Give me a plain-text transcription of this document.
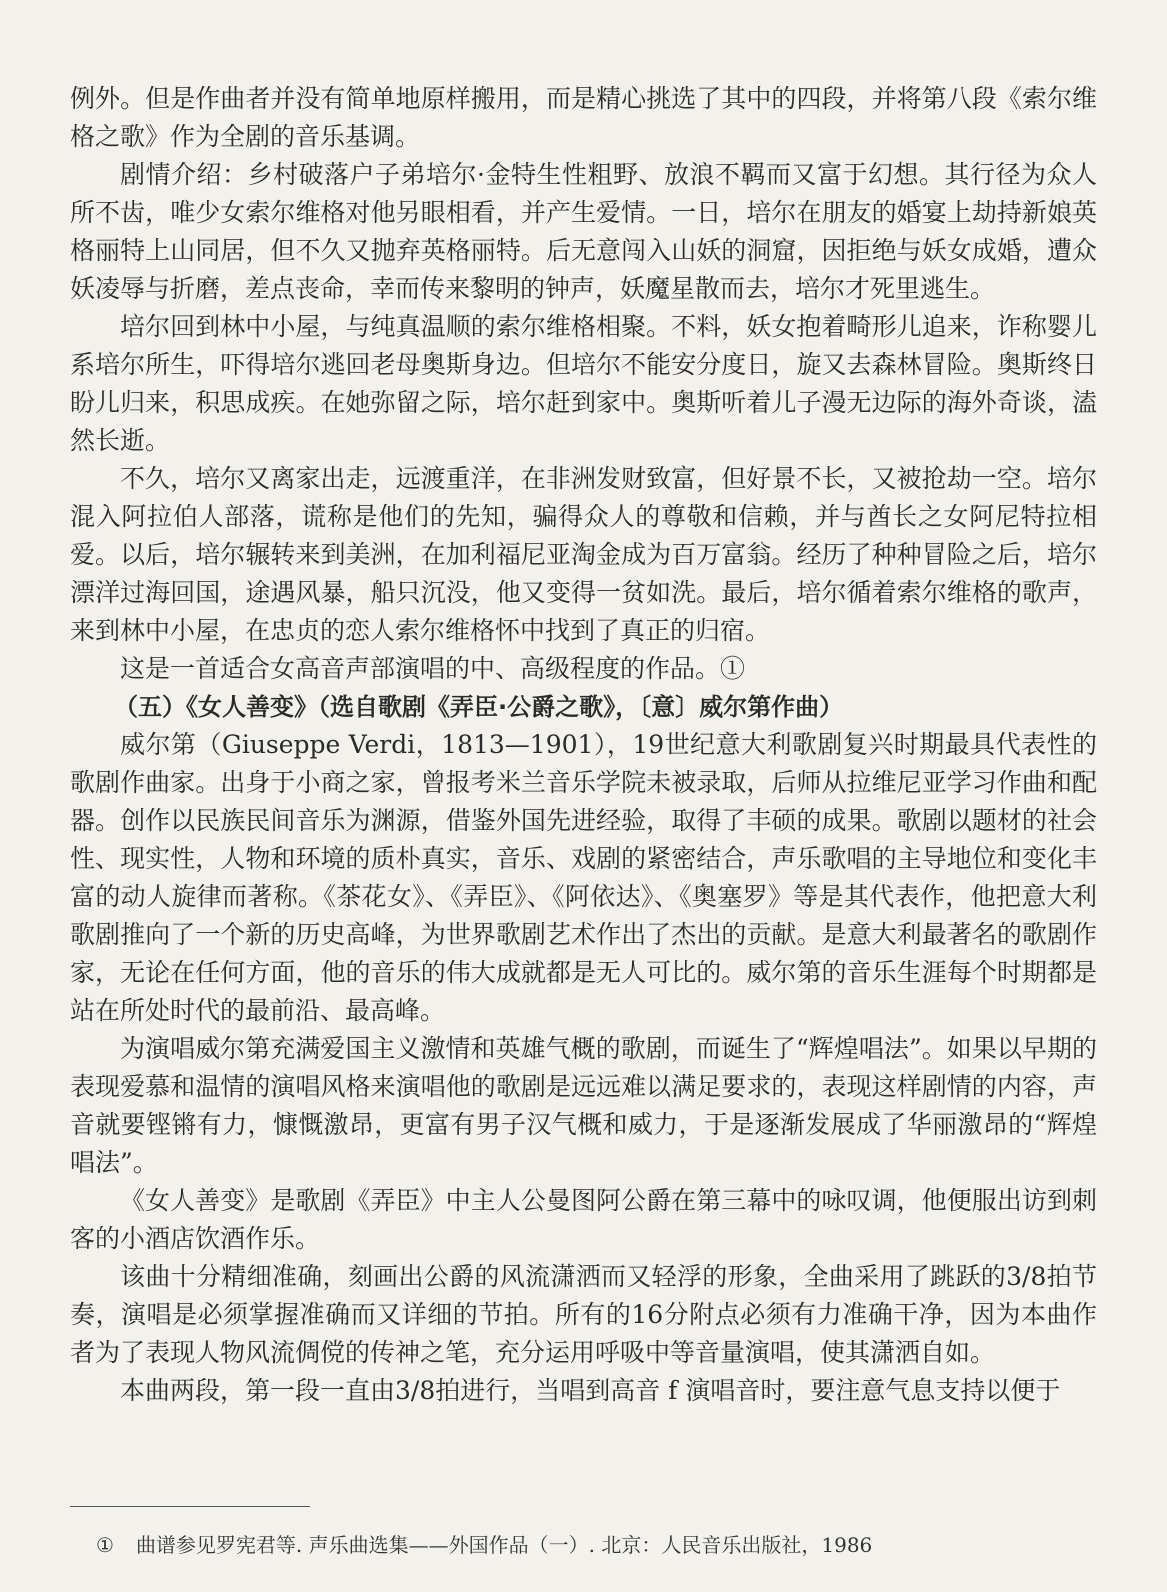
例外。但是作曲者并没有简单地原样搬用，而是精心挑选了其中的四段，并将第八段《索尔维格之歌》作为全剧的音乐基调。

剧情介绍：乡村破落户子弟培尔·金特生性粗野、放浪不羁而又富于幻想。其行径为众人所不齿，唯少女索尔维格对他另眼相看，并产生爱情。一日，培尔在朋友的婚宴上劫持新娘英格丽特上山同居，但不久又抛弃英格丽特。后无意闯入山妖的洞窟，因拒绝与妖女成婚，遭众妖凌辱与折磨，差点丧命，幸而传来黎明的钟声，妖魔星散而去，培尔才死里逃生。

培尔回到林中小屋，与纯真温顺的索尔维格相聚。不料，妖女抱着畸形儿追来，诈称婴儿系培尔所生，吓得培尔逃回老母奥斯身边。但培尔不能安分度日，旋又去森林冒险。奥斯终日盼儿归来，积思成疾。在她弥留之际，培尔赶到家中。奥斯听着儿子漫无边际的海外奇谈，溘然长逝。

不久，培尔又离家出走，远渡重洋，在非洲发财致富，但好景不长，又被抢劫一空。培尔混入阿拉伯人部落，谎称是他们的先知，骗得众人的尊敬和信赖，并与酋长之女阿尼特拉相爱。以后，培尔辗转来到美洲，在加利福尼亚淘金成为百万富翁。经历了种种冒险之后，培尔漂洋过海回国，途遇风暴，船只沉没，他又变得一贫如洗。最后，培尔循着索尔维格的歌声，来到林中小屋，在忠贞的恋人索尔维格怀中找到了真正的归宿。

这是一首适合女高音声部演唱的中、高级程度的作品。①

（五）《女人善变》（选自歌剧《弄臣·公爵之歌》，〔意〕威尔第作曲）

威尔第（Giuseppe Verdi，1813—1901），19世纪意大利歌剧复兴时期最具代表性的歌剧作曲家。出身于小商之家，曾报考米兰音乐学院未被录取，后师从拉维尼亚学习作曲和配器。创作以民族民间音乐为渊源，借鉴外国先进经验，取得了丰硕的成果。歌剧以题材的社会性、现实性，人物和环境的质朴真实，音乐、戏剧的紧密结合，声乐歌唱的主导地位和变化丰富的动人旋律而著称。《茶花女》、《弄臣》、《阿依达》、《奥塞罗》等是其代表作，他把意大利歌剧推向了一个新的历史高峰，为世界歌剧艺术作出了杰出的贡献。是意大利最著名的歌剧作家，无论在任何方面，他的音乐的伟大成就都是无人可比的。威尔第的音乐生涯每个时期都是站在所处时代的最前沿、最高峰。

为演唱威尔第充满爱国主义激情和英雄气概的歌剧，而诞生了“辉煌唱法”。如果以早期的表现爱慕和温情的演唱风格来演唱他的歌剧是远远难以满足要求的，表现这样剧情的内容，声音就要铿锵有力，慷慨激昂，更富有男子汉气概和威力，于是逐渐发展成了华丽激昂的“辉煌唱法”。

《女人善变》是歌剧《弄臣》中主人公曼图阿公爵在第三幕中的咏叹调，他便服出访到刺客的小酒店饮酒作乐。

该曲十分精细准确，刻画出公爵的风流潇洒而又轻浮的形象，全曲采用了跳跃的3/8拍节奏，演唱是必须掌握准确而又详细的节拍。所有的16分附点必须有力准确干净，因为本曲作者为了表现人物风流倜傥的传神之笔，充分运用呼吸中等音量演唱，使其潇洒自如。

本曲两段，第一段一直由3/8拍进行，当唱到高音 f 演唱音时，要注意气息支持以便于

① 曲谱参见罗宪君等. 声乐曲选集——外国作品（一）. 北京：人民音乐出版社，1986
